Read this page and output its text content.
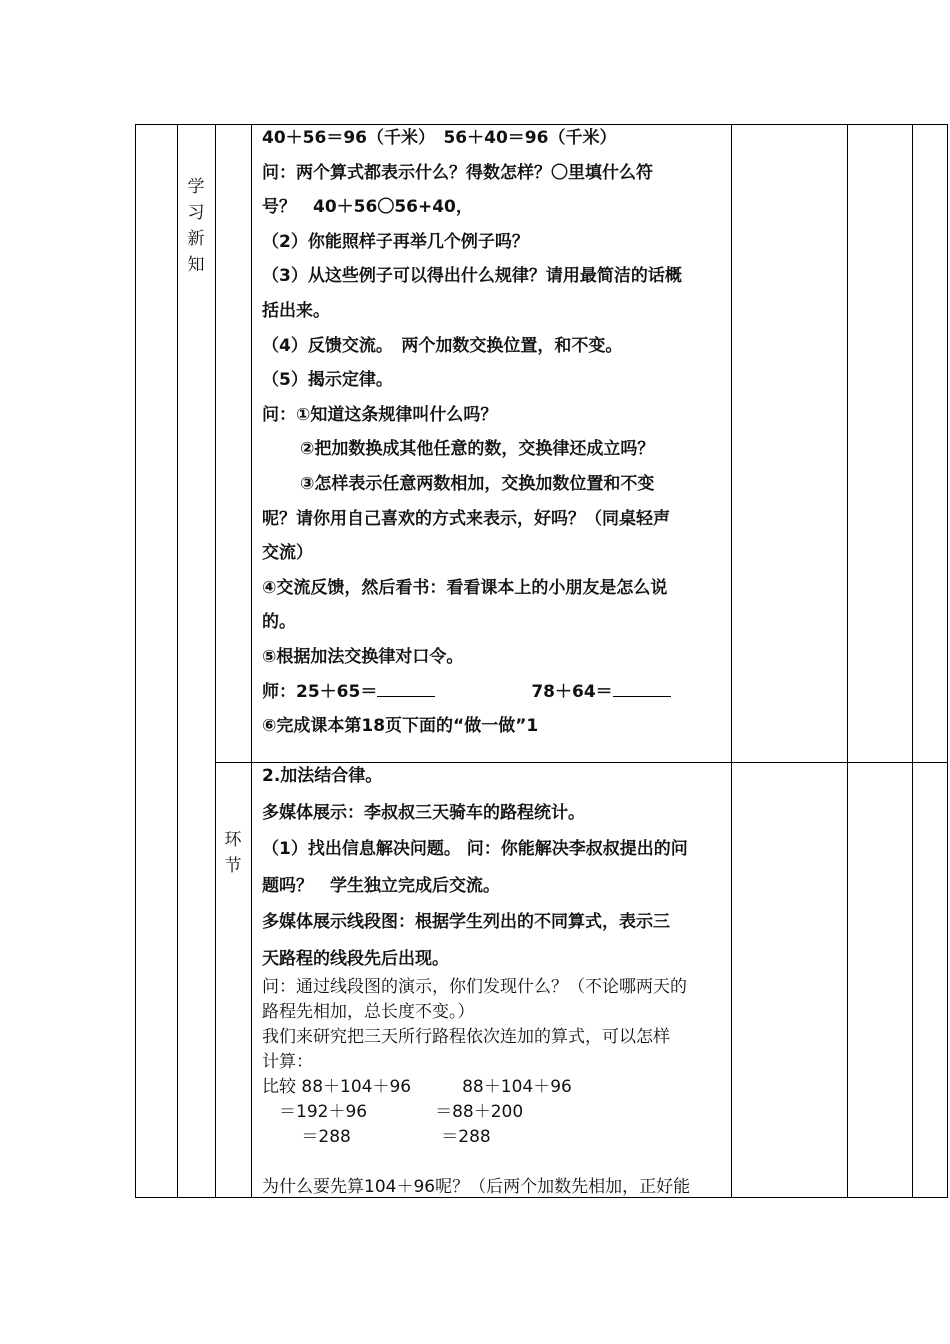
学
习
新
知
环
节

40＋56＝96（千米）　56＋40＝96（千米）

问：两个算式都表示什么？得数怎样？〇里填什么符

号？　40＋56〇56+40，

（2）你能照样子再举几个例子吗？

（3）从这些例子可以得出什么规律？请用最简洁的话概

括出来。

（4）反馈交流。　两个加数交换位置，和不变。

（5）揭示定律。

问：①知道这条规律叫什么吗？

②把加数换成其他任意的数，交换律还成立吗？

③怎样表示任意两数相加，交换加数位置和不变

呢？请你用自己喜欢的方式来表示，好吗？（同桌轻声

交流）

④交流反馈，然后看书：看看课本上的小朋友是怎么说

的。

⑤根据加法交换律对口令。

师：25＋65＝	78＋64＝

⑥完成课本第18页下面的“做一做”1

2.加法结合律。

多媒体展示：李叔叔三天骑车的路程统计。

（1）找出信息解决问题。 问：你能解决李叔叔提出的问

题吗？　学生独立完成后交流。

多媒体展示线段图：根据学生列出的不同算式，表示三

天路程的线段先后出现。

问：通过线段图的演示，你们发现什么？（不论哪两天的

路程先相加，总长度不变。）

我们来研究把三天所行路程依次连加的算式，可以怎样

计算：

比较 88＋104＋96　　　88＋104＋96

　＝192＋96　　　　＝88＋200

　　 ＝288　　　　　 ＝288

为什么要先算104＋96呢？（后两个加数先相加，正好能
